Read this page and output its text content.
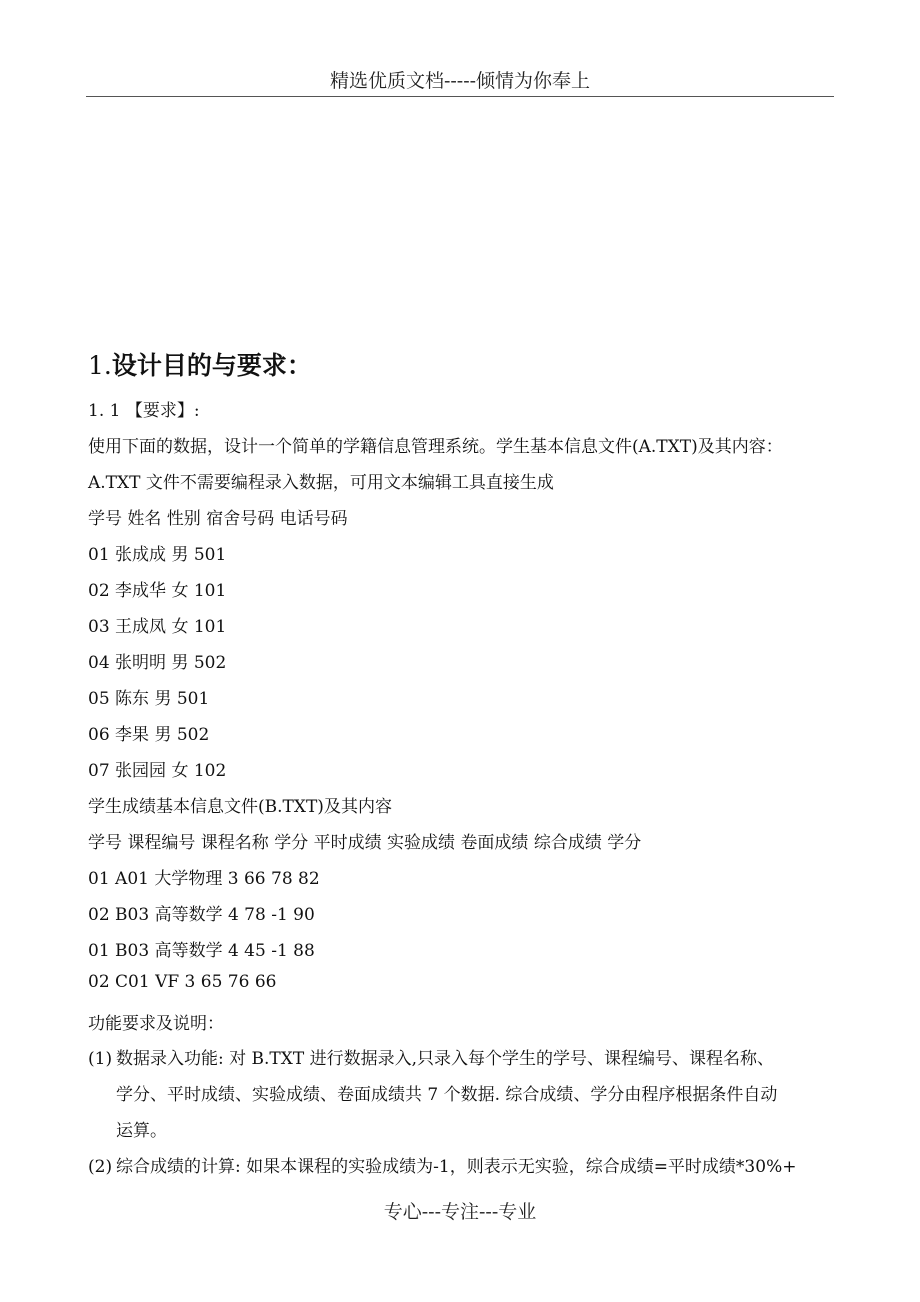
精选优质文档-----倾情为你奉上
1.设计目的与要求：
1. 1 【要求】:
使用下面的数据，设计一个简单的学籍信息管理系统。学生基本信息文件(A.TXT)及其内容：
A.TXT 文件不需要编程录入数据，可用文本编辑工具直接生成
学号 姓名 性别 宿舍号码 电话号码
01 张成成 男 501
02 李成华 女 101
03 王成凤 女 101
04 张明明 男 502
05 陈东 男 501
06 李果 男 502
07 张园园 女 102
学生成绩基本信息文件(B.TXT)及其内容
学号 课程编号 课程名称 学分 平时成绩 实验成绩 卷面成绩 综合成绩 学分
01 A01 大学物理 3 66 78 82
02 B03 高等数学 4 78 -1 90
01 B03 高等数学 4 45 -1 88
02 C01 VF 3 65 76 66
功能要求及说明：
(1) 数据录入功能: 对 B.TXT 进行数据录入,只录入每个学生的学号、课程编号、课程名称、
学分、平时成绩、实验成绩、卷面成绩共 7 个数据. 综合成绩、学分由程序根据条件自动
运算。
(2) 综合成绩的计算: 如果本课程的实验成绩为-1，则表示无实验，综合成绩=平时成绩*30%+
专心---专注---专业
